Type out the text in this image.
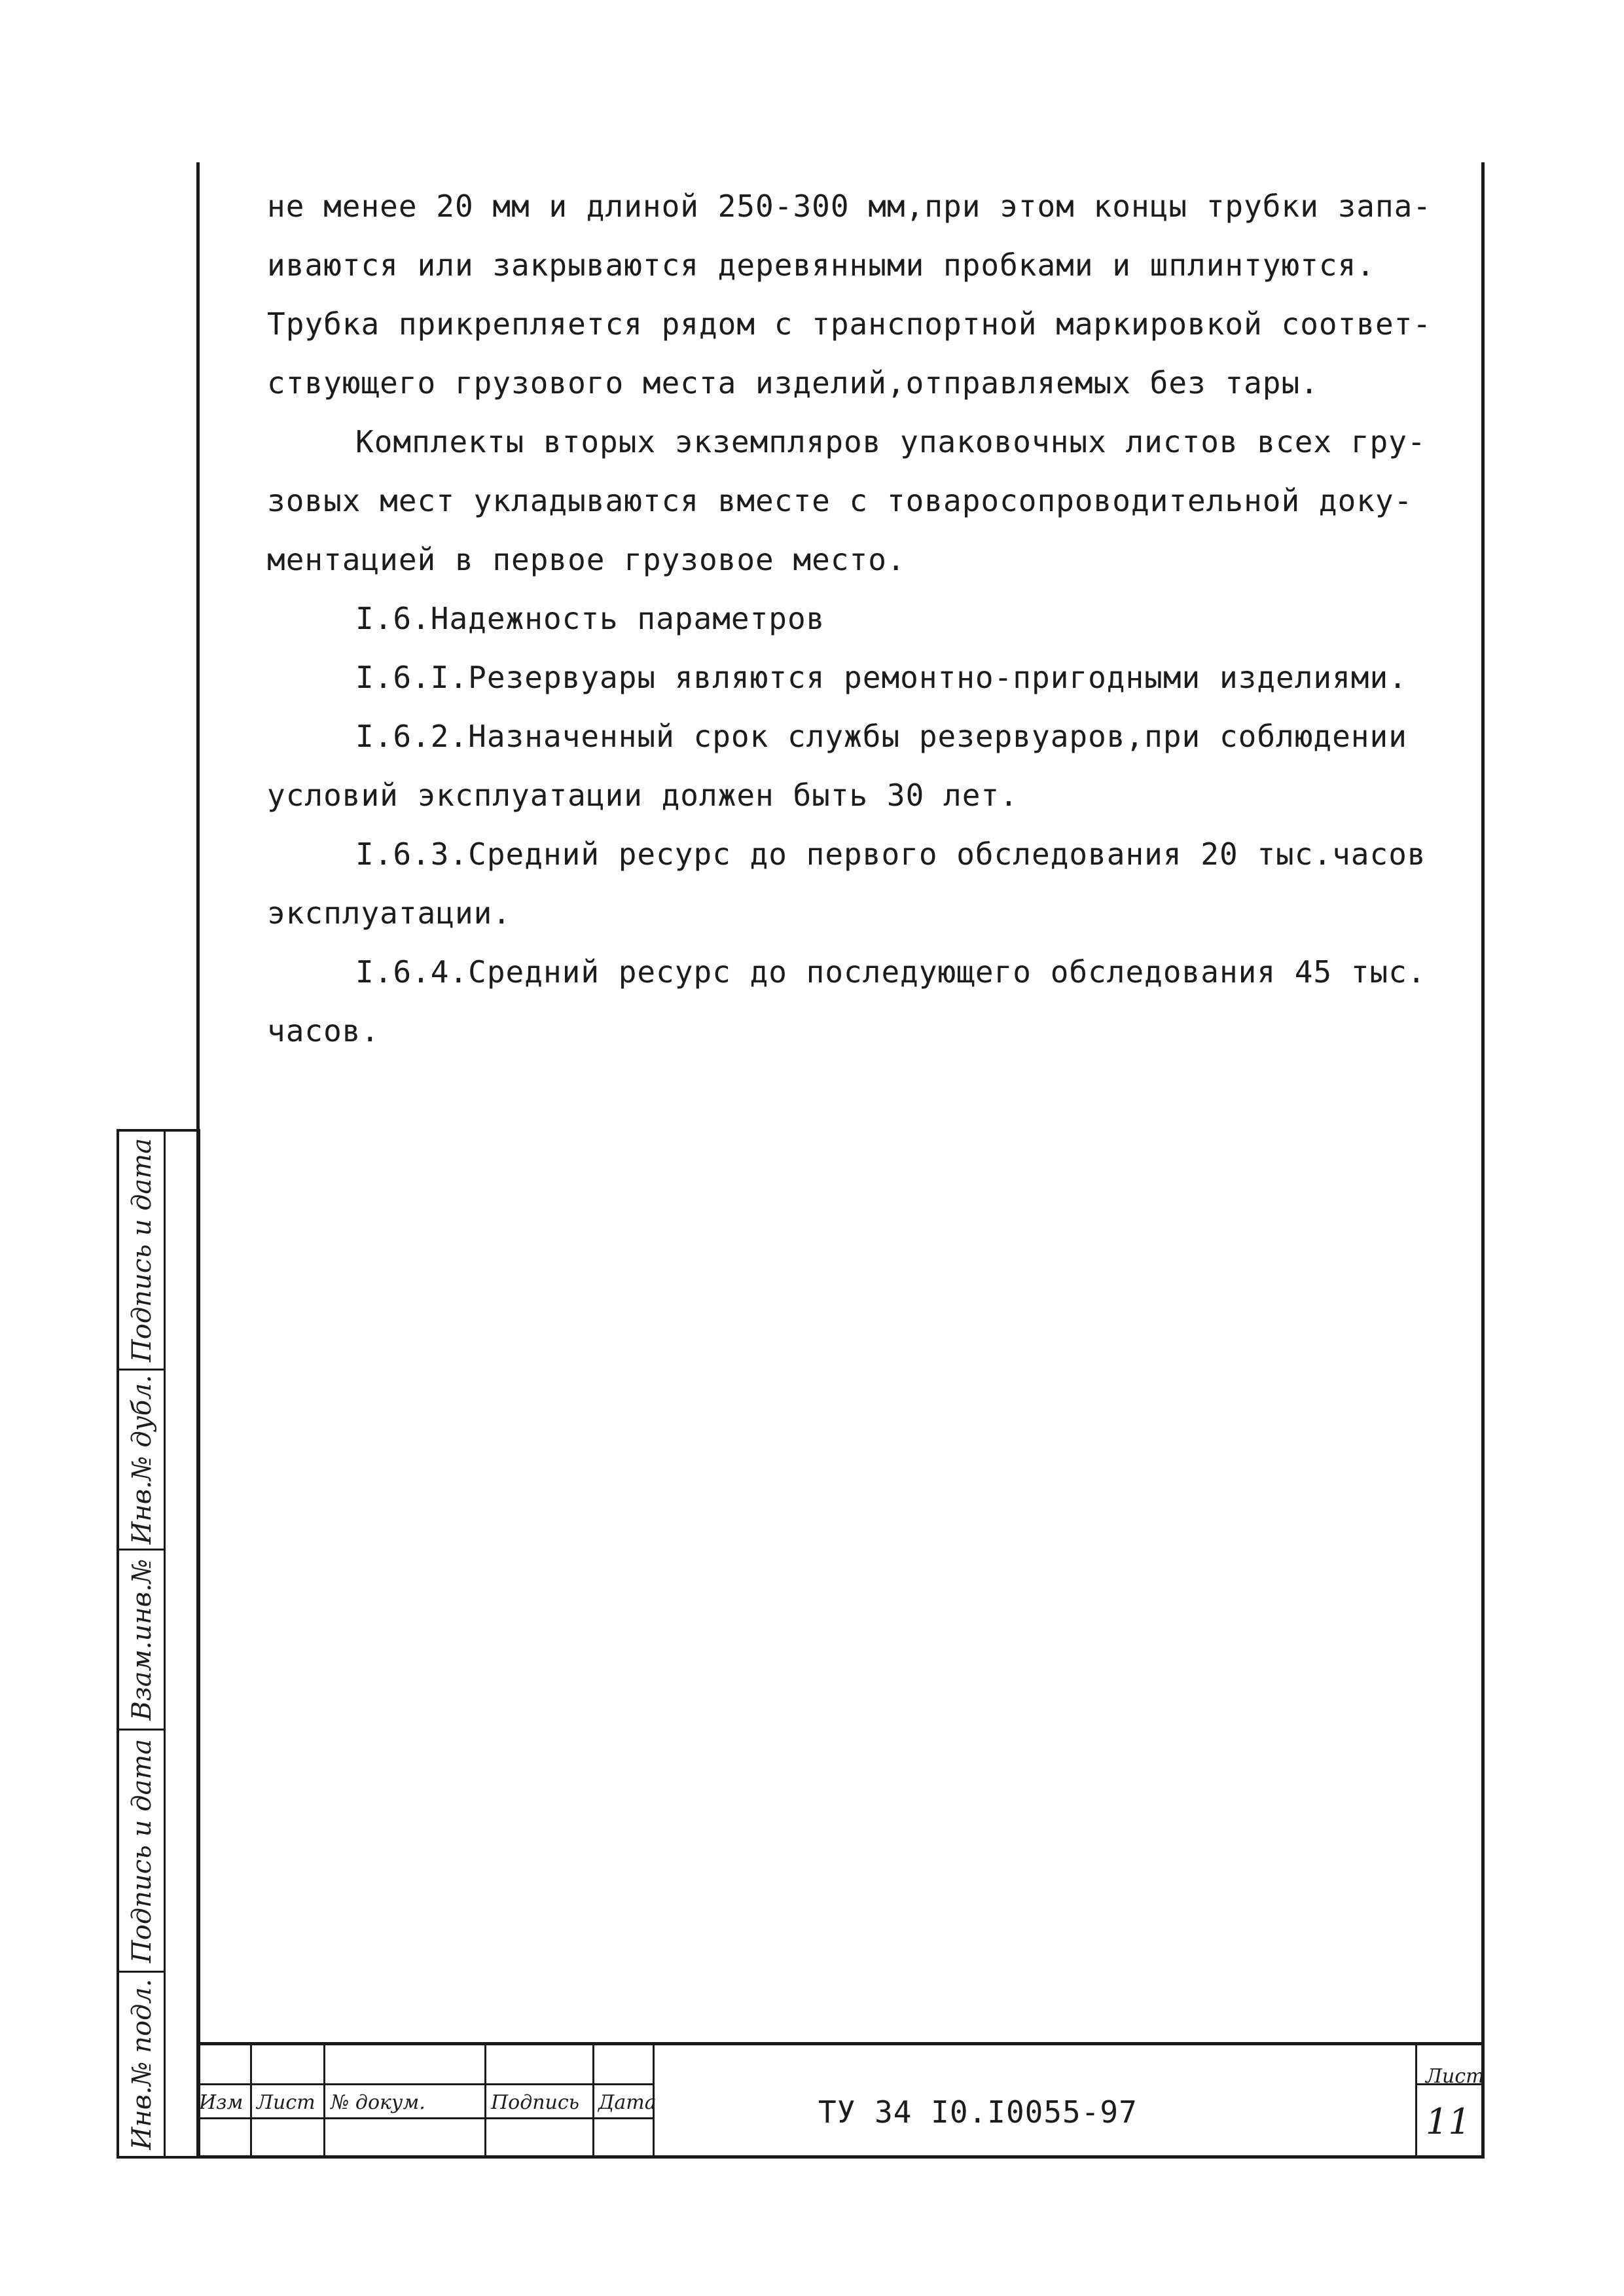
не менее 20 мм и длиной 250-300 мм,при этом концы трубки запа-

иваются или закрываются деревянными пробками и шплинтуются.

Трубка прикрепляется рядом с транспортной маркировкой соответ-

ствующего грузового места изделий,отправляемых без тары.

Комплекты вторых экземпляров упаковочных листов всех гру-

зовых мест укладываются вместе с товаросопроводительной доку-

ментацией в первое грузовое место.

I.6.Надежность параметров

I.6.I.Резервуары являются ремонтно-пригодными изделиями.

I.6.2.Назначенный срок службы резервуаров,при соблюдении

условий эксплуатации должен быть 30 лет.

I.6.3.Средний ресурс до первого обследования 20 тыс.часов

эксплуатации.

I.6.4.Средний ресурс до последующего обследования 45 тыс.

часов.

Подпись и дата
Инв.№ дубл.
Взам.инв.№
Подпись и дата
Инв.№ подл. Изм Лист № докум.	Подпись Дата	ТУ 34 I0.I0055-97
Лист
11
